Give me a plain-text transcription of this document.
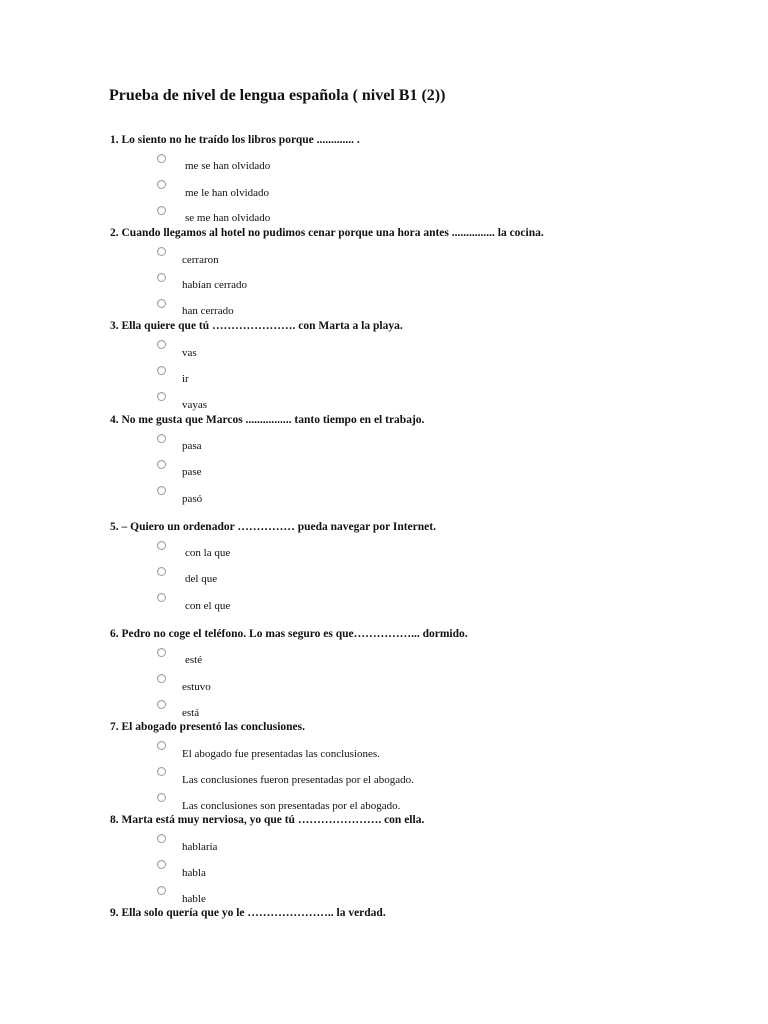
Prueba de nivel de lengua española ( nivel B1 (2))
1. Lo siento no he traído los libros porque ............. .
me se han olvidado
me le han olvidado
se me han olvidado
2. Cuando llegamos al hotel no pudimos cenar porque una hora antes ............... la cocina.
cerraron
habían cerrado
han cerrado
3. Ella quiere que tú …………………. con Marta a la playa.
vas
ir
vayas
4. No me gusta que Marcos ................ tanto tiempo en el trabajo.
pasa
pase
pasó
5. – Quiero un ordenador …………… pueda navegar por Internet.
con la que
del que
con el que
6. Pedro no coge el teléfono. Lo mas seguro es que……………... dormido.
esté
estuvo
está
7. El abogado presentó las conclusiones.
El abogado fue presentadas las conclusiones.
Las conclusiones fueron presentadas por el abogado.
Las conclusiones son presentadas por el abogado.
8. Marta está muy nerviosa, yo que tú …………………. con ella.
hablaría
habla
hable
9. Ella solo quería que yo le ………………….. la verdad.
